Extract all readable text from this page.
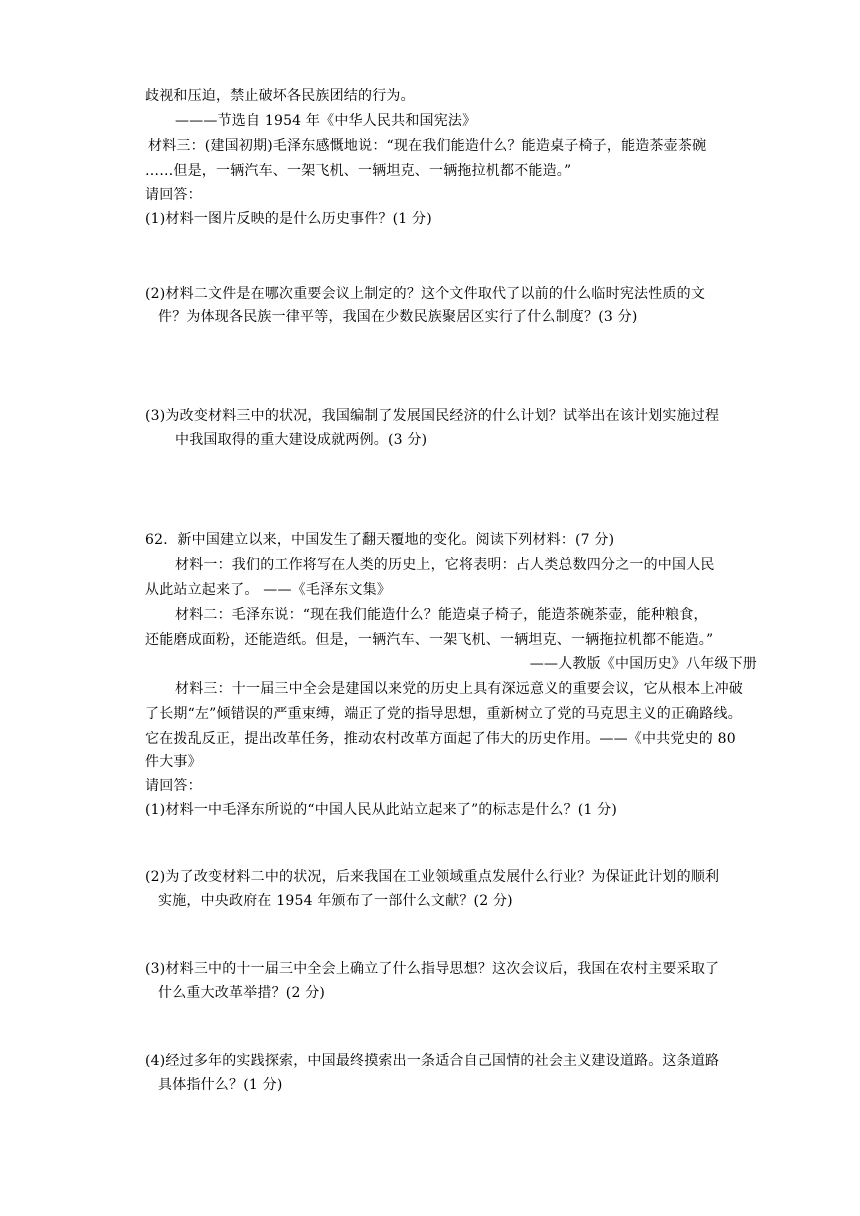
歧视和压迫，禁止破坏各民族团结的行为。
———节选自 1954 年《中华人民共和国宪法》
材料三：(建国初期)毛泽东感慨地说：“现在我们能造什么？能造桌子椅子，能造茶壶茶碗
……但是，一辆汽车、一架飞机、一辆坦克、一辆拖拉机都不能造。”
请回答：
(1)材料一图片反映的是什么历史事件？(1 分)
(2)材料二文件是在哪次重要会议上制定的？这个文件取代了以前的什么临时宪法性质的文
件？为体现各民族一律平等，我国在少数民族聚居区实行了什么制度？(3 分)
(3)为改变材料三中的状况，我国编制了发展国民经济的什么计划？试举出在该计划实施过程
中我国取得的重大建设成就两例。(3 分)
62．新中国建立以来，中国发生了翻天覆地的变化。阅读下列材料：(7 分)
材料一：我们的工作将写在人类的历史上，它将表明：占人类总数四分之一的中国人民
从此站立起来了。 ——《毛泽东文集》
材料二：毛泽东说：“现在我们能造什么？能造桌子椅子，能造茶碗茶壶，能种粮食，
还能磨成面粉，还能造纸。但是，一辆汽车、一架飞机、一辆坦克、一辆拖拉机都不能造。”
——人教版《中国历史》八年级下册
材料三：十一届三中全会是建国以来党的历史上具有深远意义的重要会议，它从根本上冲破
了长期“左”倾错误的严重束缚，端正了党的指导思想，重新树立了党的马克思主义的正确路线。
它在拨乱反正，提出改革任务，推动农村改革方面起了伟大的历史作用。——《中共党史的 80
件大事》
请回答：
(1)材料一中毛泽东所说的“中国人民从此站立起来了”的标志是什么？(1 分)
(2)为了改变材料二中的状况，后来我国在工业领域重点发展什么行业？为保证此计划的顺利
实施，中央政府在 1954 年颁布了一部什么文献？(2 分)
(3)材料三中的十一届三中全会上确立了什么指导思想？这次会议后，我国在农村主要采取了
什么重大改革举措？(2 分)
(4)经过多年的实践探索，中国最终摸索出一条适合自己国情的社会主义建设道路。这条道路
具体指什么？(1 分)
